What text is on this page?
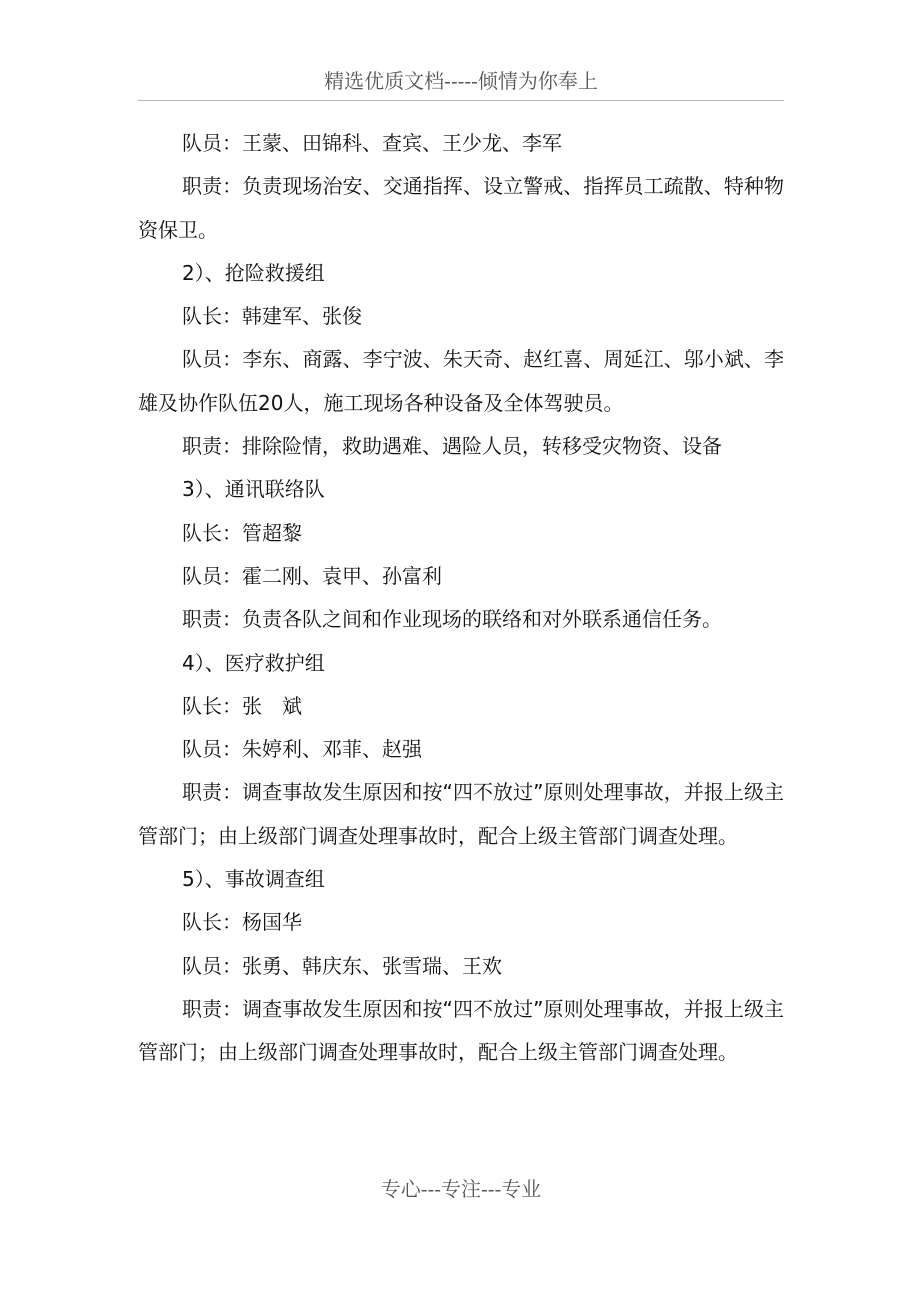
精选优质文档-----倾情为你奉上

队员：王蒙、田锦科、查宾、王少龙、李军

职责：负责现场治安、交通指挥、设立警戒、指挥员工疏散、特种物资保卫。

2）、抢险救援组

队长：韩建军、张俊

队员：李东、商露、李宁波、朱天奇、赵红喜、周延江、邬小斌、李雄及协作队伍20人，施工现场各种设备及全体驾驶员。

职责：排除险情，救助遇难、遇险人员，转移受灾物资、设备

3）、通讯联络队

队长：管超黎

队员：霍二刚、袁甲、孙富利

职责：负责各队之间和作业现场的联络和对外联系通信任务。

4）、医疗救护组

队长：张　斌

队员：朱婷利、邓菲、赵强

职责：调查事故发生原因和按“四不放过”原则处理事故，并报上级主管部门；由上级部门调查处理事故时，配合上级主管部门调查处理。

5）、事故调查组

队长：杨国华

队员：张勇、韩庆东、张雪瑞、王欢

职责：调查事故发生原因和按“四不放过”原则处理事故，并报上级主管部门；由上级部门调查处理事故时，配合上级主管部门调查处理。

专心---专注---专业
